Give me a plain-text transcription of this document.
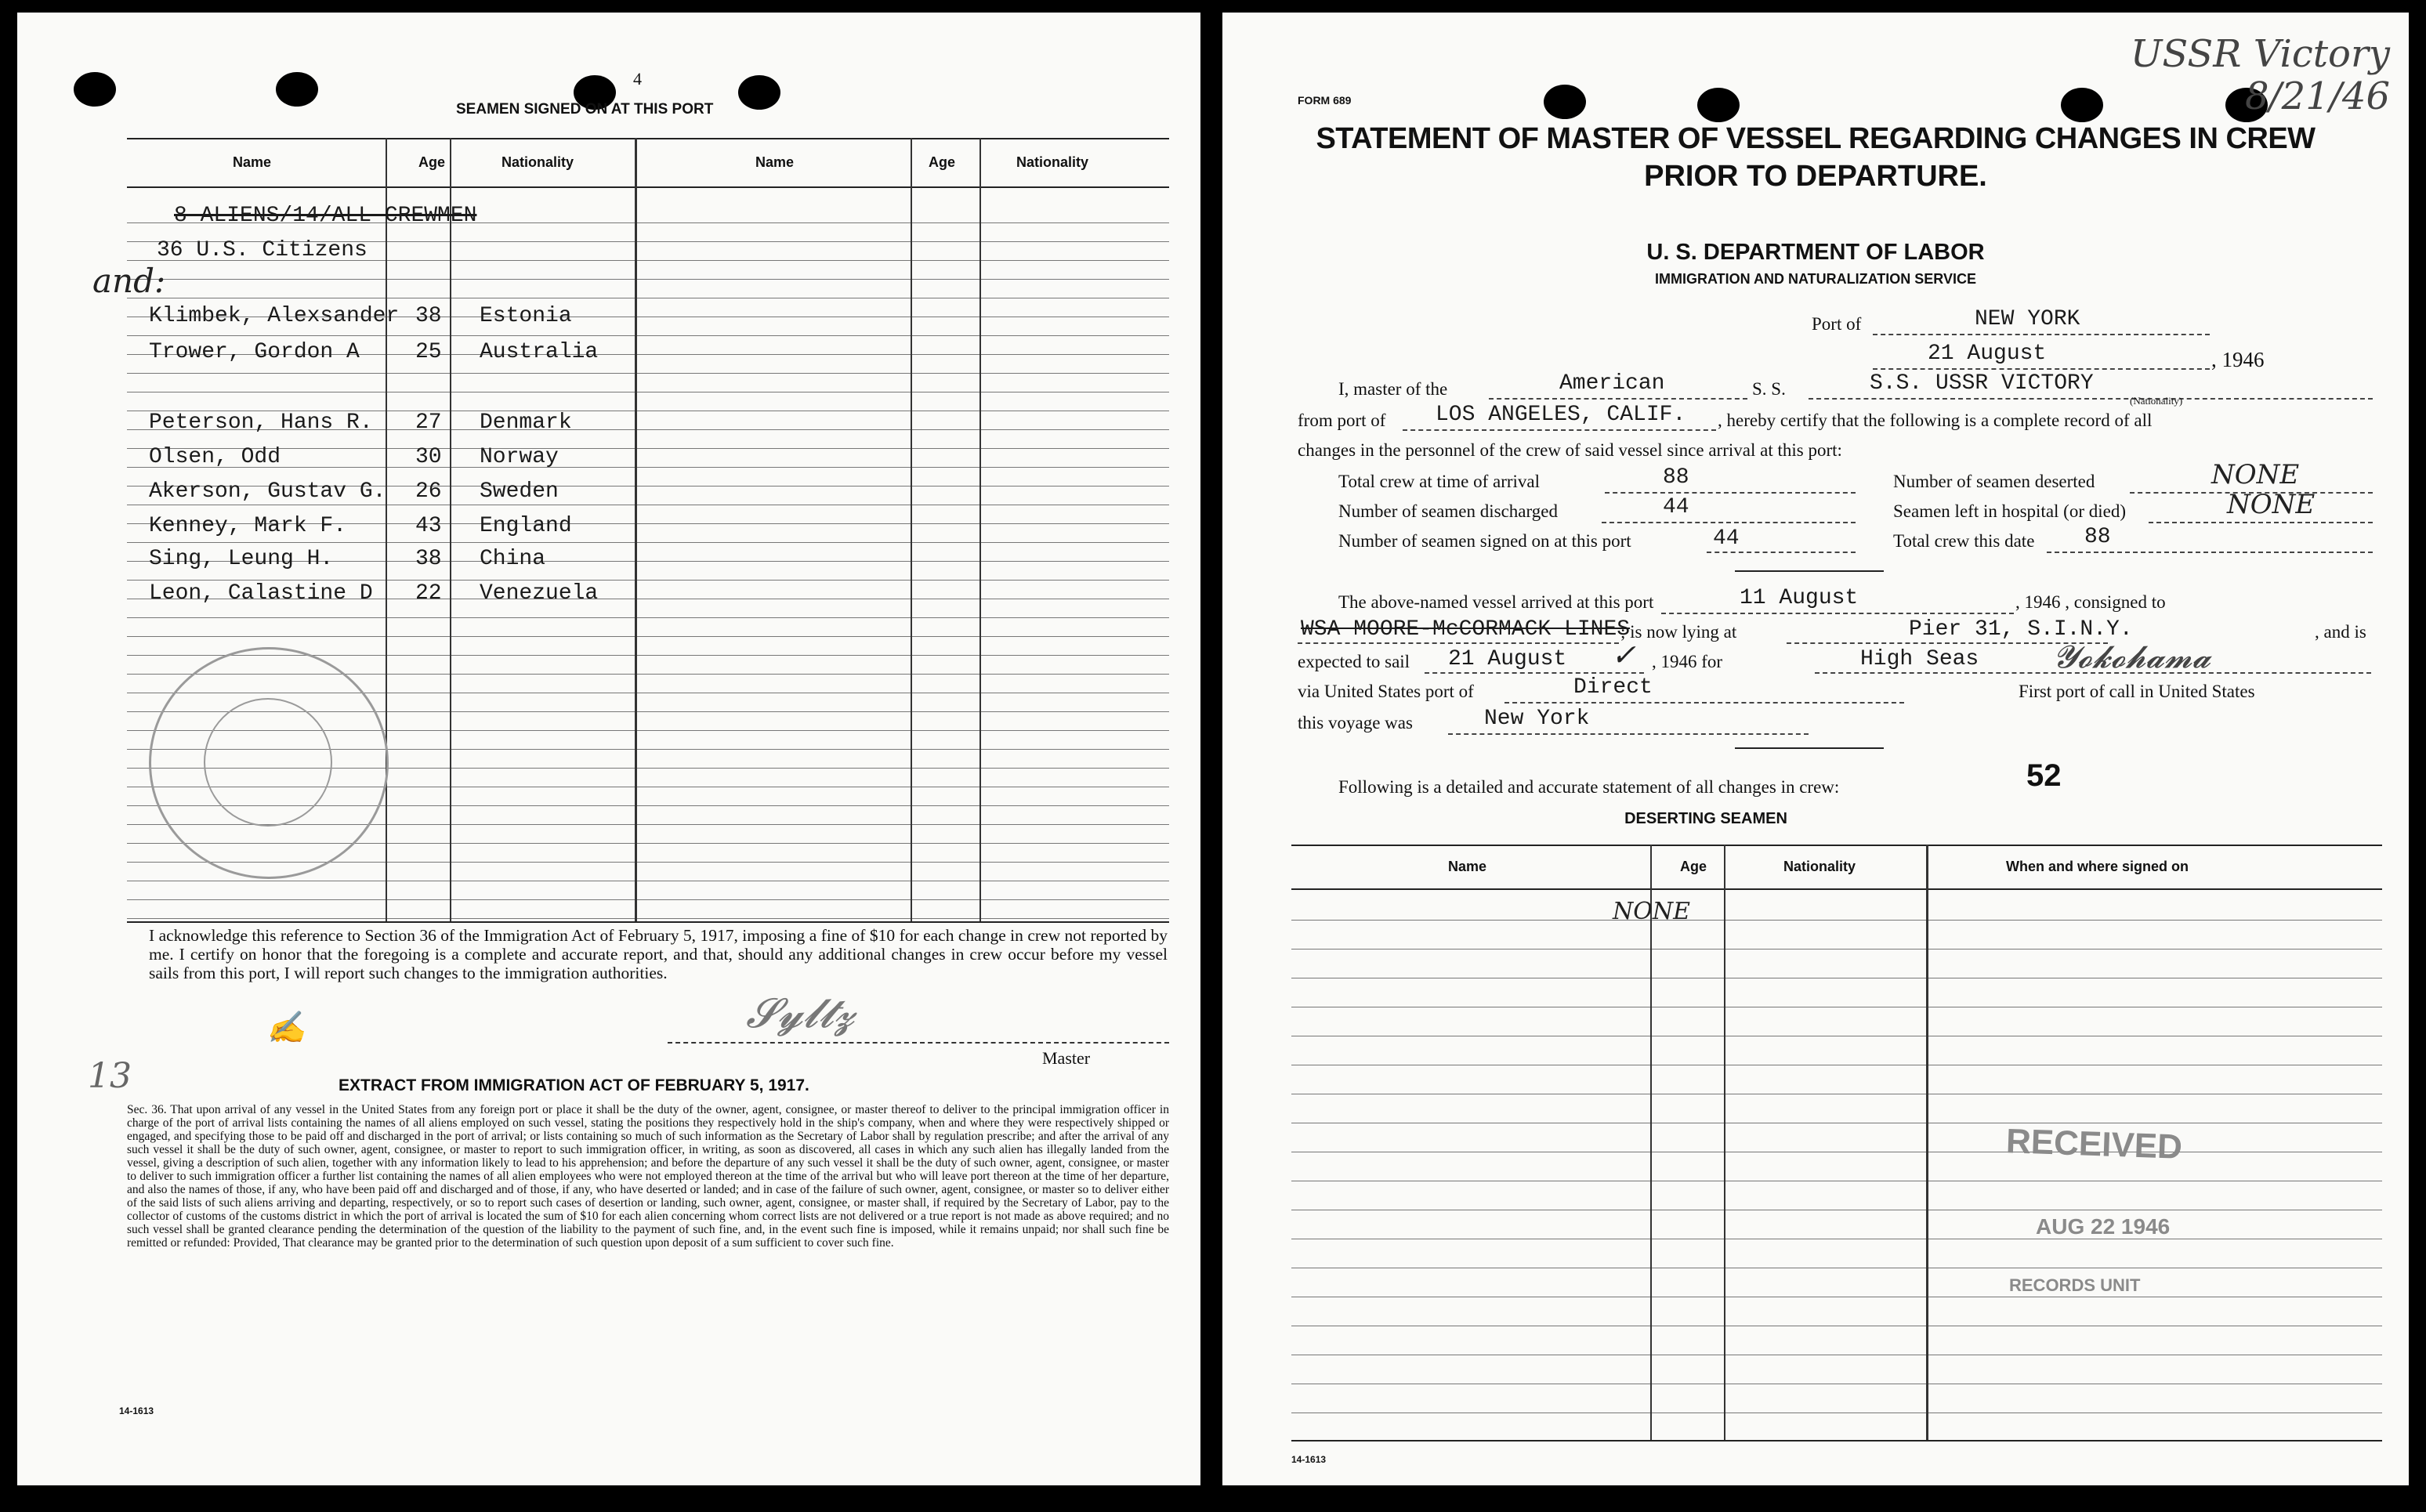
4
SEAMEN SIGNED ON AT THIS PORT
Name	Age	Nationality	Name	Age	Nationality
8 ALIENS/14/ALL CREWMEN
36 U.S. Citizens
and:
Klimbek, Alexsander 38 Estonia
Trower, Gordon A	25 Australia
Peterson, Hans R. 27 Denmark
Olsen, Odd	30 Norway
Akerson, Gustav G. 26 Sweden
Kenney, Mark F.	43 England
Sing, Leung H.	38 China
Leon, Calastine D 22 Venezuela
I acknowledge this reference to Section 36 of the Immigration Act of February 5, 1917, imposing a fine of $10 for each change in crew not reported by me. I certify on honor that the foregoing is a complete and accurate report, and that, should any additional changes in crew occur before my vessel sails from this port, I will report such changes to the immigration authorities.
✍
13
𝓢𝔂𝓵𝓽𝔃
Master
EXTRACT FROM IMMIGRATION ACT OF FEBRUARY 5, 1917.
Sec. 36. That upon arrival of any vessel in the United States from any foreign port or place it shall be the duty of the owner, agent, consignee, or master thereof to deliver to the principal immigration officer in charge of the port of arrival lists containing the names of all aliens employed on such vessel, stating the positions they respectively hold in the ship's company, when and where they were respectively shipped or engaged, and specifying those to be paid off and discharged in the port of arrival; or lists containing so much of such information as the Secretary of Labor shall by regulation prescribe; and after the arrival of any such vessel it shall be the duty of such owner, agent, consignee, or master to report to such immigration officer, in writing, as soon as discovered, all cases in which any such alien has illegally landed from the vessel, giving a description of such alien, together with any information likely to lead to his apprehension; and before the departure of any such vessel it shall be the duty of such owner, agent, consignee, or master to deliver to such immigration officer a further list containing the names of all alien employees who were not employed thereon at the time of the arrival but who will leave port thereon at the time of her departure, and also the names of those, if any, who have been paid off and discharged and of those, if any, who have deserted or landed; and in case of the failure of such owner, agent, consignee, or master so to deliver either of the said lists of such aliens arriving and departing, respectively, or so to report such cases of desertion or landing, such owner, agent, consignee, or master shall, if required by the Secretary of Labor, pay to the collector of customs of the customs district in which the port of arrival is located the sum of $10 for each alien concerning whom correct lists are not delivered or a true report is not made as above required; and no such vessel shall be granted clearance pending the determination of the question of the liability to the payment of such fine, and, in the event such fine is imposed, while it remains unpaid; nor shall such fine be remitted or refunded: Provided, That clearance may be granted prior to the determination of such question upon deposit of a sum sufficient to cover such fine.
14-1613
FORM 689
USSR Victory 8/21/46
STATEMENT OF MASTER OF VESSEL REGARDING CHANGES IN CREW
PRIOR TO DEPARTURE.
U. S. DEPARTMENT OF LABOR
IMMIGRATION AND NATURALIZATION SERVICE
Port of	NEW YORK
21 August	, 1946
I, master of the	American	S. S.	S.S. USSR VICTORY
(Nationality)
from port of LOS ANGELES, CALIF. , hereby certify that the following is a complete record of all
changes in the personnel of the crew of said vessel since arrival at this port:
Total crew at time of arrival	88
Number of seamen discharged	44
Number of seamen signed on at this port	44
Number of seamen deserted	NONE
Seamen left in hospital (or died)	NONE
Total crew this date 88
The above-named vessel arrived at this port	11 August	, 1946 , consigned to
WSA MOORE-McCORMACK LINES
; is now lying at	Pier 31, S.I.N.Y.	, and is
expected to sail 21 August ✓ , 1946 for	High Seas 𝓨𝓸𝓴𝓸𝓱𝓪𝓶𝓪
via United States port of	Direct	First port of call in United States
this voyage was	New York
Following is a detailed and accurate statement of all changes in crew:	52
DESERTING SEAMEN
Name	Age	Nationality	When and where signed on
NONE
RECEIVED
AUG 22 1946
RECORDS UNIT
14-1613
